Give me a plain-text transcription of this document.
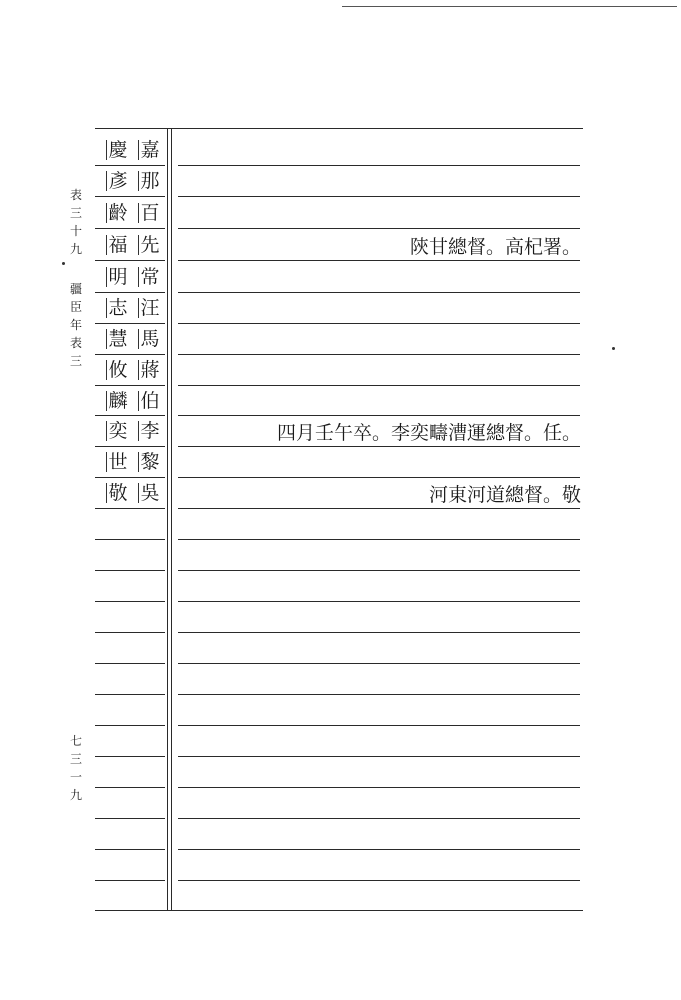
表
三
十
九
疆
臣
年
表
三
七
三
一
九
慶 嘉
彥 那
齡 百
福 先
明 常
志 汪
慧 馬
攸 蔣
麟 伯
奕 李
世 黎
敬 吳
陝甘總督。高杞署。
四月壬午卒。李奕疇漕運總督。任。
河東河道總督。敬
